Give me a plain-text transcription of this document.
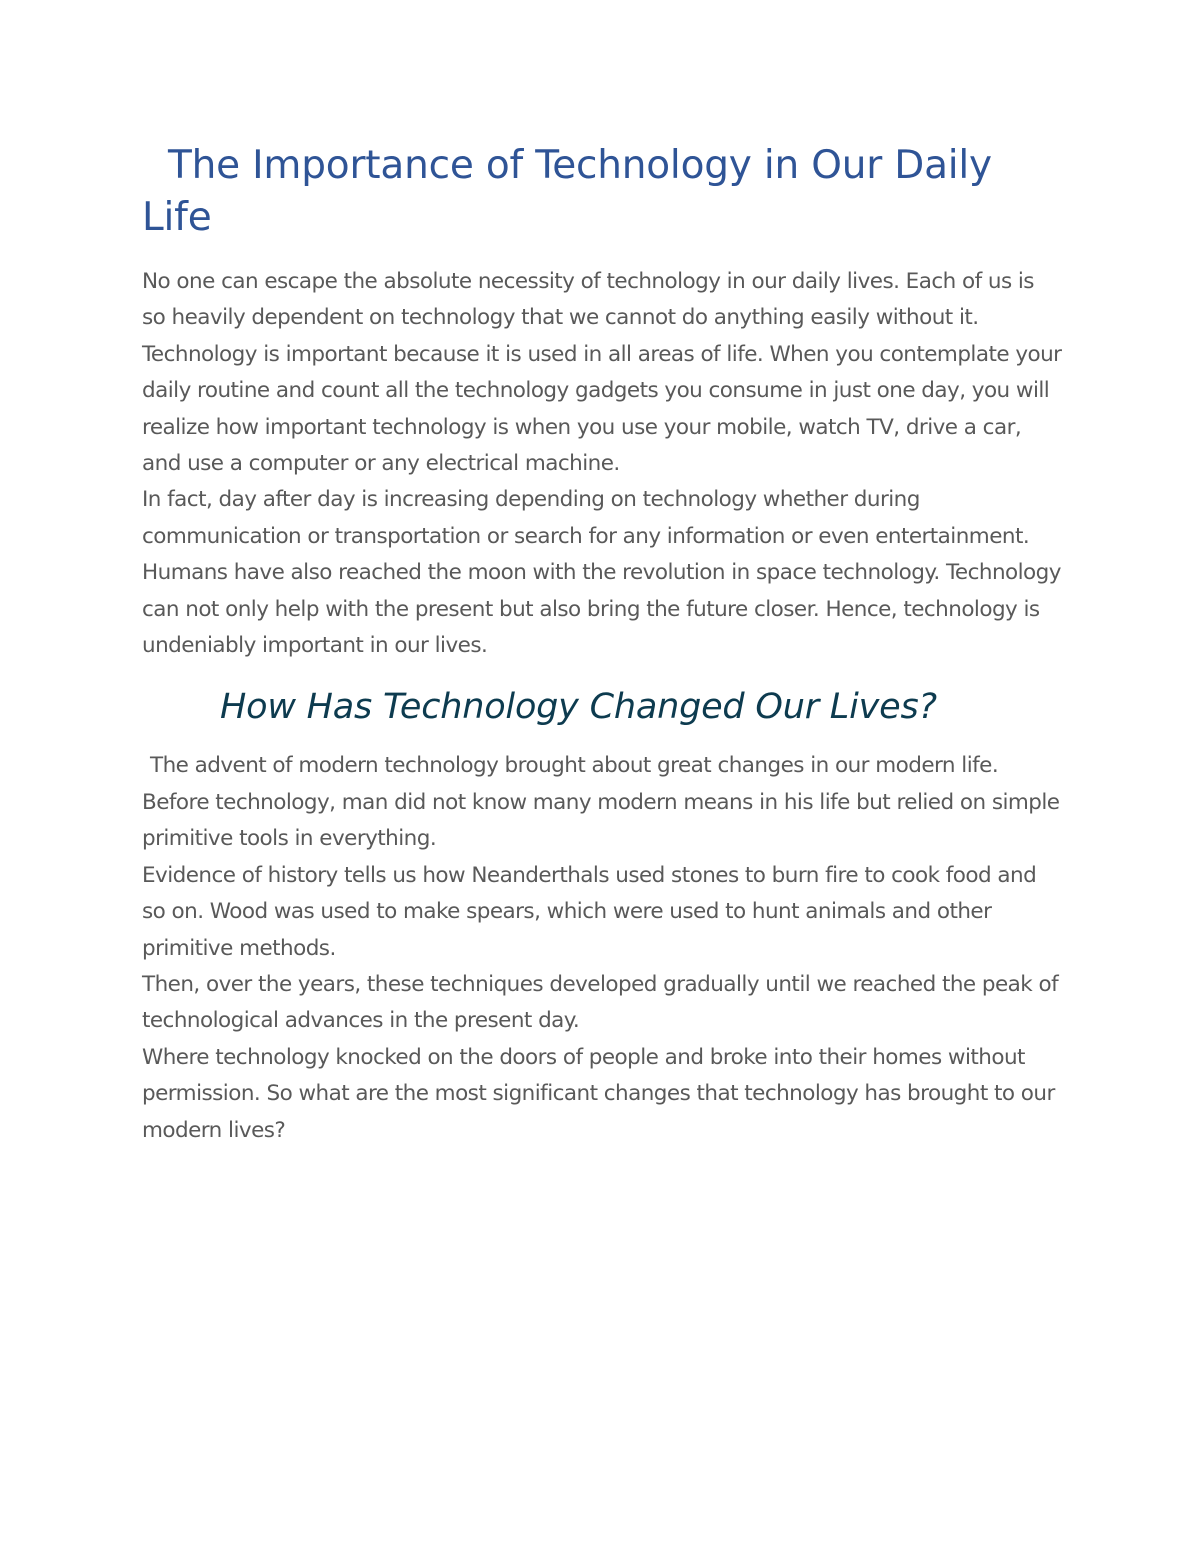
The Importance of Technology in Our Daily Life

No one can escape the absolute necessity of technology in our daily lives. Each of us is so heavily dependent on technology that we cannot do anything easily without it.

Technology is important because it is used in all areas of life. When you contemplate your daily routine and count all the technology gadgets you consume in just one day, you will realize how important technology is when you use your mobile, watch TV, drive a car, and use a computer or any electrical machine.

In fact, day after day is increasing depending on technology whether during communication or transportation or search for any information or even entertainment.

Humans have also reached the moon with the revolution in space technology. Technology can not only help with the present but also bring the future closer. Hence, technology is undeniably important in our lives.

How Has Technology Changed Our Lives?

The advent of modern technology brought about great changes in our modern life. Before technology, man did not know many modern means in his life but relied on simple primitive tools in everything.

Evidence of history tells us how Neanderthals used stones to burn fire to cook food and so on. Wood was used to make spears, which were used to hunt animals and other primitive methods.

Then, over the years, these techniques developed gradually until we reached the peak of technological advances in the present day.

Where technology knocked on the doors of people and broke into their homes without permission. So what are the most significant changes that technology has brought to our modern lives?
